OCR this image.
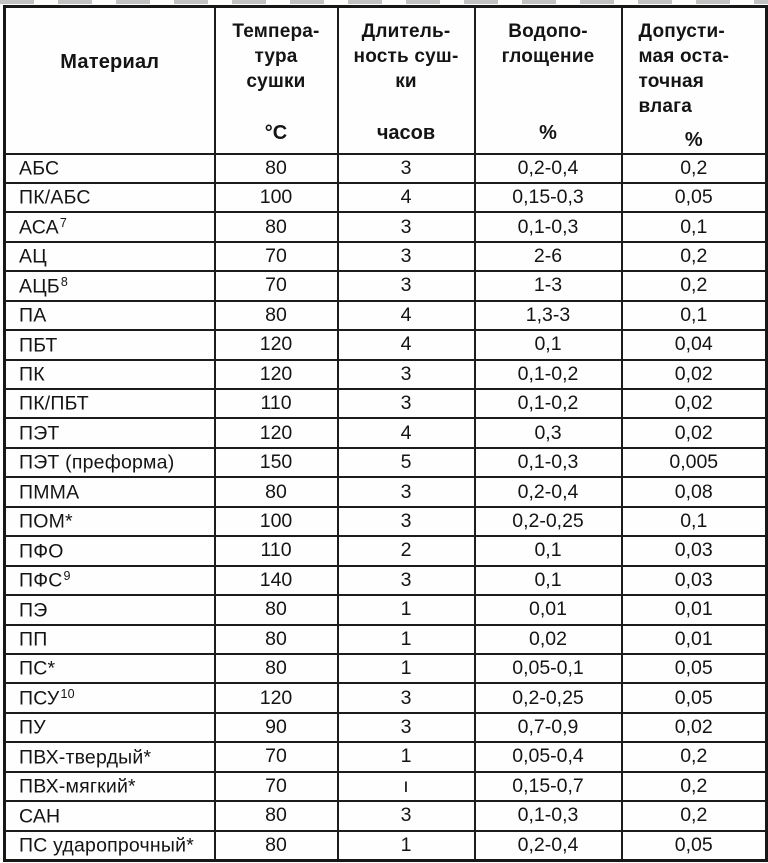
Материал

Темпера-
тура
сушки
°C

Длитель-
ность суш-
ки
часов

Водопо-
глощение
%

Допусти-
мая оста-
точная
влага
%

АБС	80	3	0,2-0,4	0,2
ПК/АБС	100	4	0,15-0,3	0,05
АСА$^7$	80	3	0,1-0,3	0,1
АЦ	70	3	2-6	0,2
АЦБ$^8$	70	3	1-3	0,2
ПА	80	4	1,3-3	0,1
ПБТ	120	4	0,1	0,04
ПК	120	3	0,1-0,2	0,02
ПК/ПБТ	110	3	0,1-0,2	0,02
ПЭТ	120	4	0,3	0,02
ПЭТ (преформа)	150	5	0,1-0,3	0,005
ПММА	80	3	0,2-0,4	0,08
ПОМ*	100	3	0,2-0,25	0,1
ПФО	110	2	0,1	0,03
ПФС$^9$	140	3	0,1	0,03
ПЭ	80	1	0,01	0,01
ПП	80	1	0,02	0,01
ПС*	80	1	0,05-0,1	0,05
ПСУ$^{10}$	120	3	0,2-0,25	0,05
ПУ	90	3	0,7-0,9	0,02
ПВХ-твердый*	70	1	0,05-0,4	0,2
ПВХ-мягкий*	70	ı	0,15-0,7	0,2
САН	80	3	0,1-0,3	0,2
ПС ударопрочный*	80	1	0,2-0,4	0,05
